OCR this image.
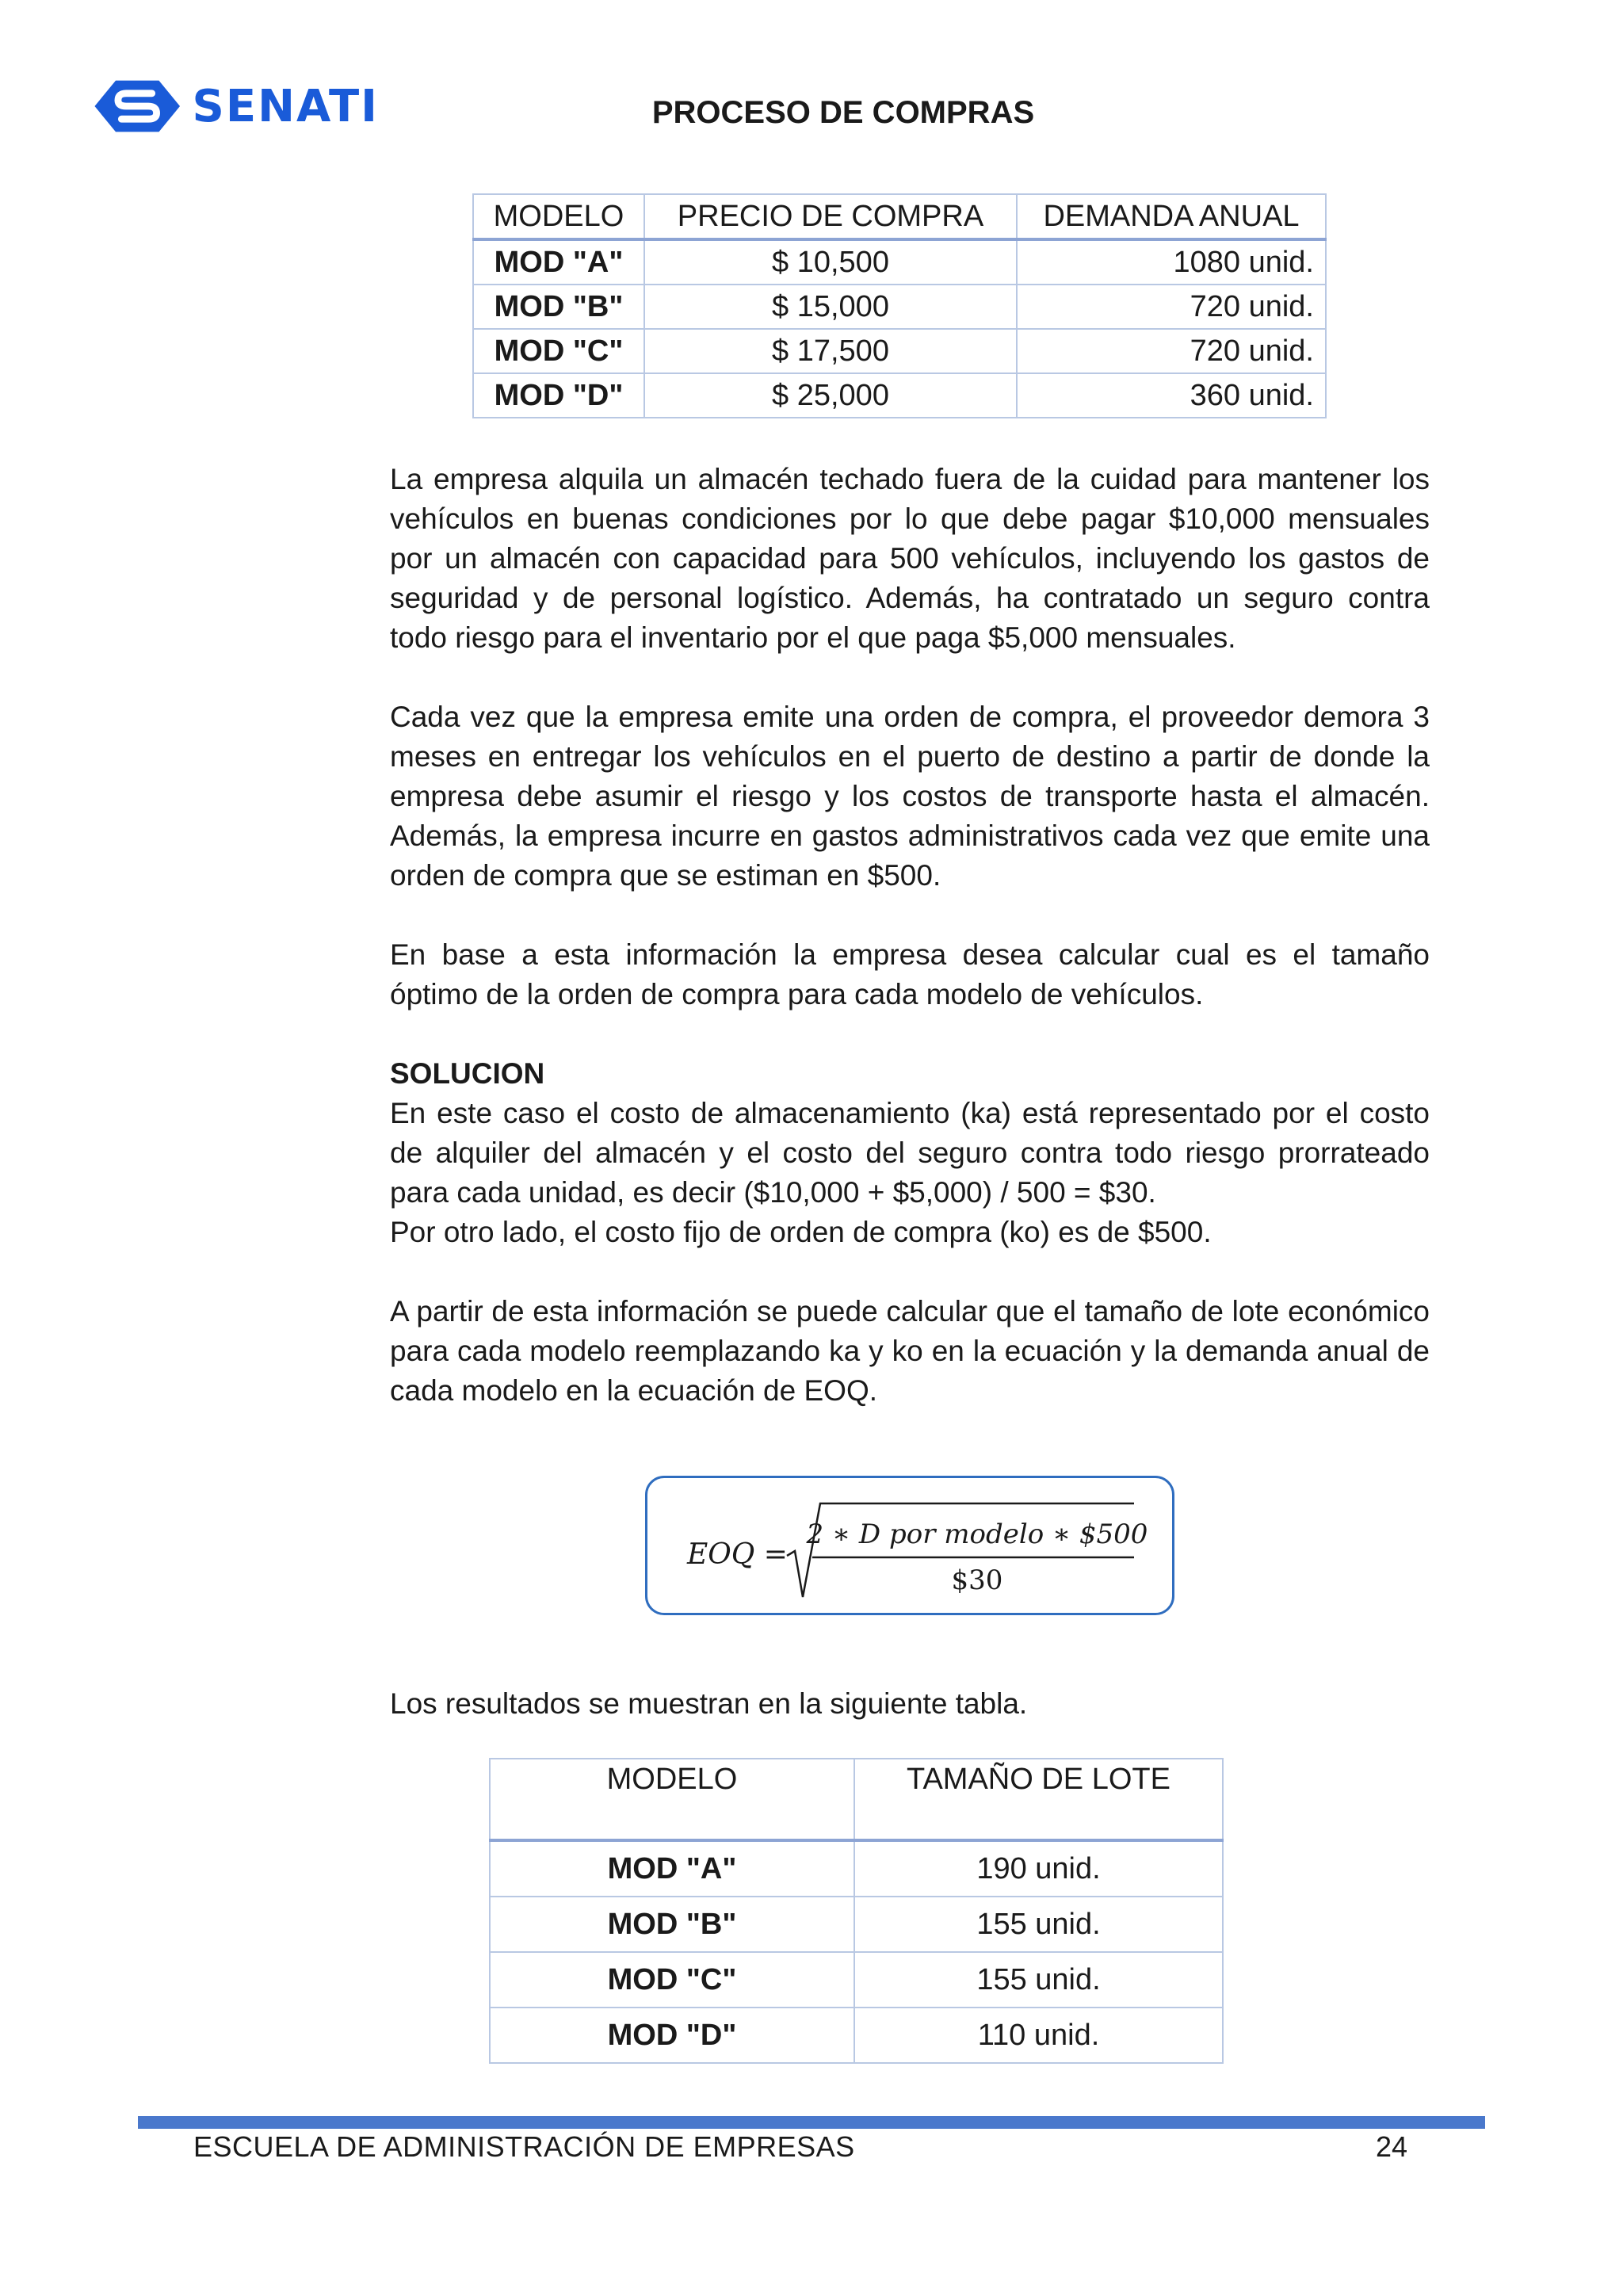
SENATI	PROCESO DE COMPRAS
MODELO	PRECIO DE COMPRA	DEMANDA ANUAL
MOD "A"	$ 10,500	1080 unid.
MOD "B"	$ 15,000	720 unid.
MOD "C"	$ 17,500	720 unid.
MOD "D"	$ 25,000	360 unid.

La empresa alquila un almacén techado fuera de la cuidad para mantener los vehículos en buenas condiciones por lo que debe pagar $10,000 mensuales por un almacén con capacidad para 500 vehículos, incluyendo los gastos de seguridad y de personal logístico. Además, ha contratado un seguro contra todo riesgo para el inventario por el que paga $5,000 mensuales.

Cada vez que la empresa emite una orden de compra, el proveedor demora 3 meses en entregar los vehículos en el puerto de destino a partir de donde la empresa debe asumir el riesgo y los costos de transporte hasta el almacén. Además, la empresa incurre en gastos administrativos cada vez que emite una orden de compra que se estiman en $500.

En base a esta información la empresa desea calcular cual es el tamaño óptimo de la orden de compra para cada modelo de vehículos.

SOLUCION
En este caso el costo de almacenamiento (ka) está representado por el costo de alquiler del almacén y el costo del seguro contra todo riesgo prorrateado para cada unidad, es decir ($10,000 + $5,000) / 500 = $30.
Por otro lado, el costo fijo de orden de compra (ko) es de $500.

A partir de esta información se puede calcular que el tamaño de lote económico para cada modelo reemplazando ka y ko en la ecuación y la demanda anual de cada modelo en la ecuación de EOQ.

EOQ =
2 ∗ D por modelo ∗ $500
$30

Los resultados se muestran en la siguiente tabla.

MODELO	TAMAÑO DE LOTE
MOD "A"	190 unid.
MOD "B"	155 unid.
MOD "C"	155 unid.
MOD "D"	110 unid.
ESCUELA DE ADMINISTRACIÓN DE EMPRESAS	24
